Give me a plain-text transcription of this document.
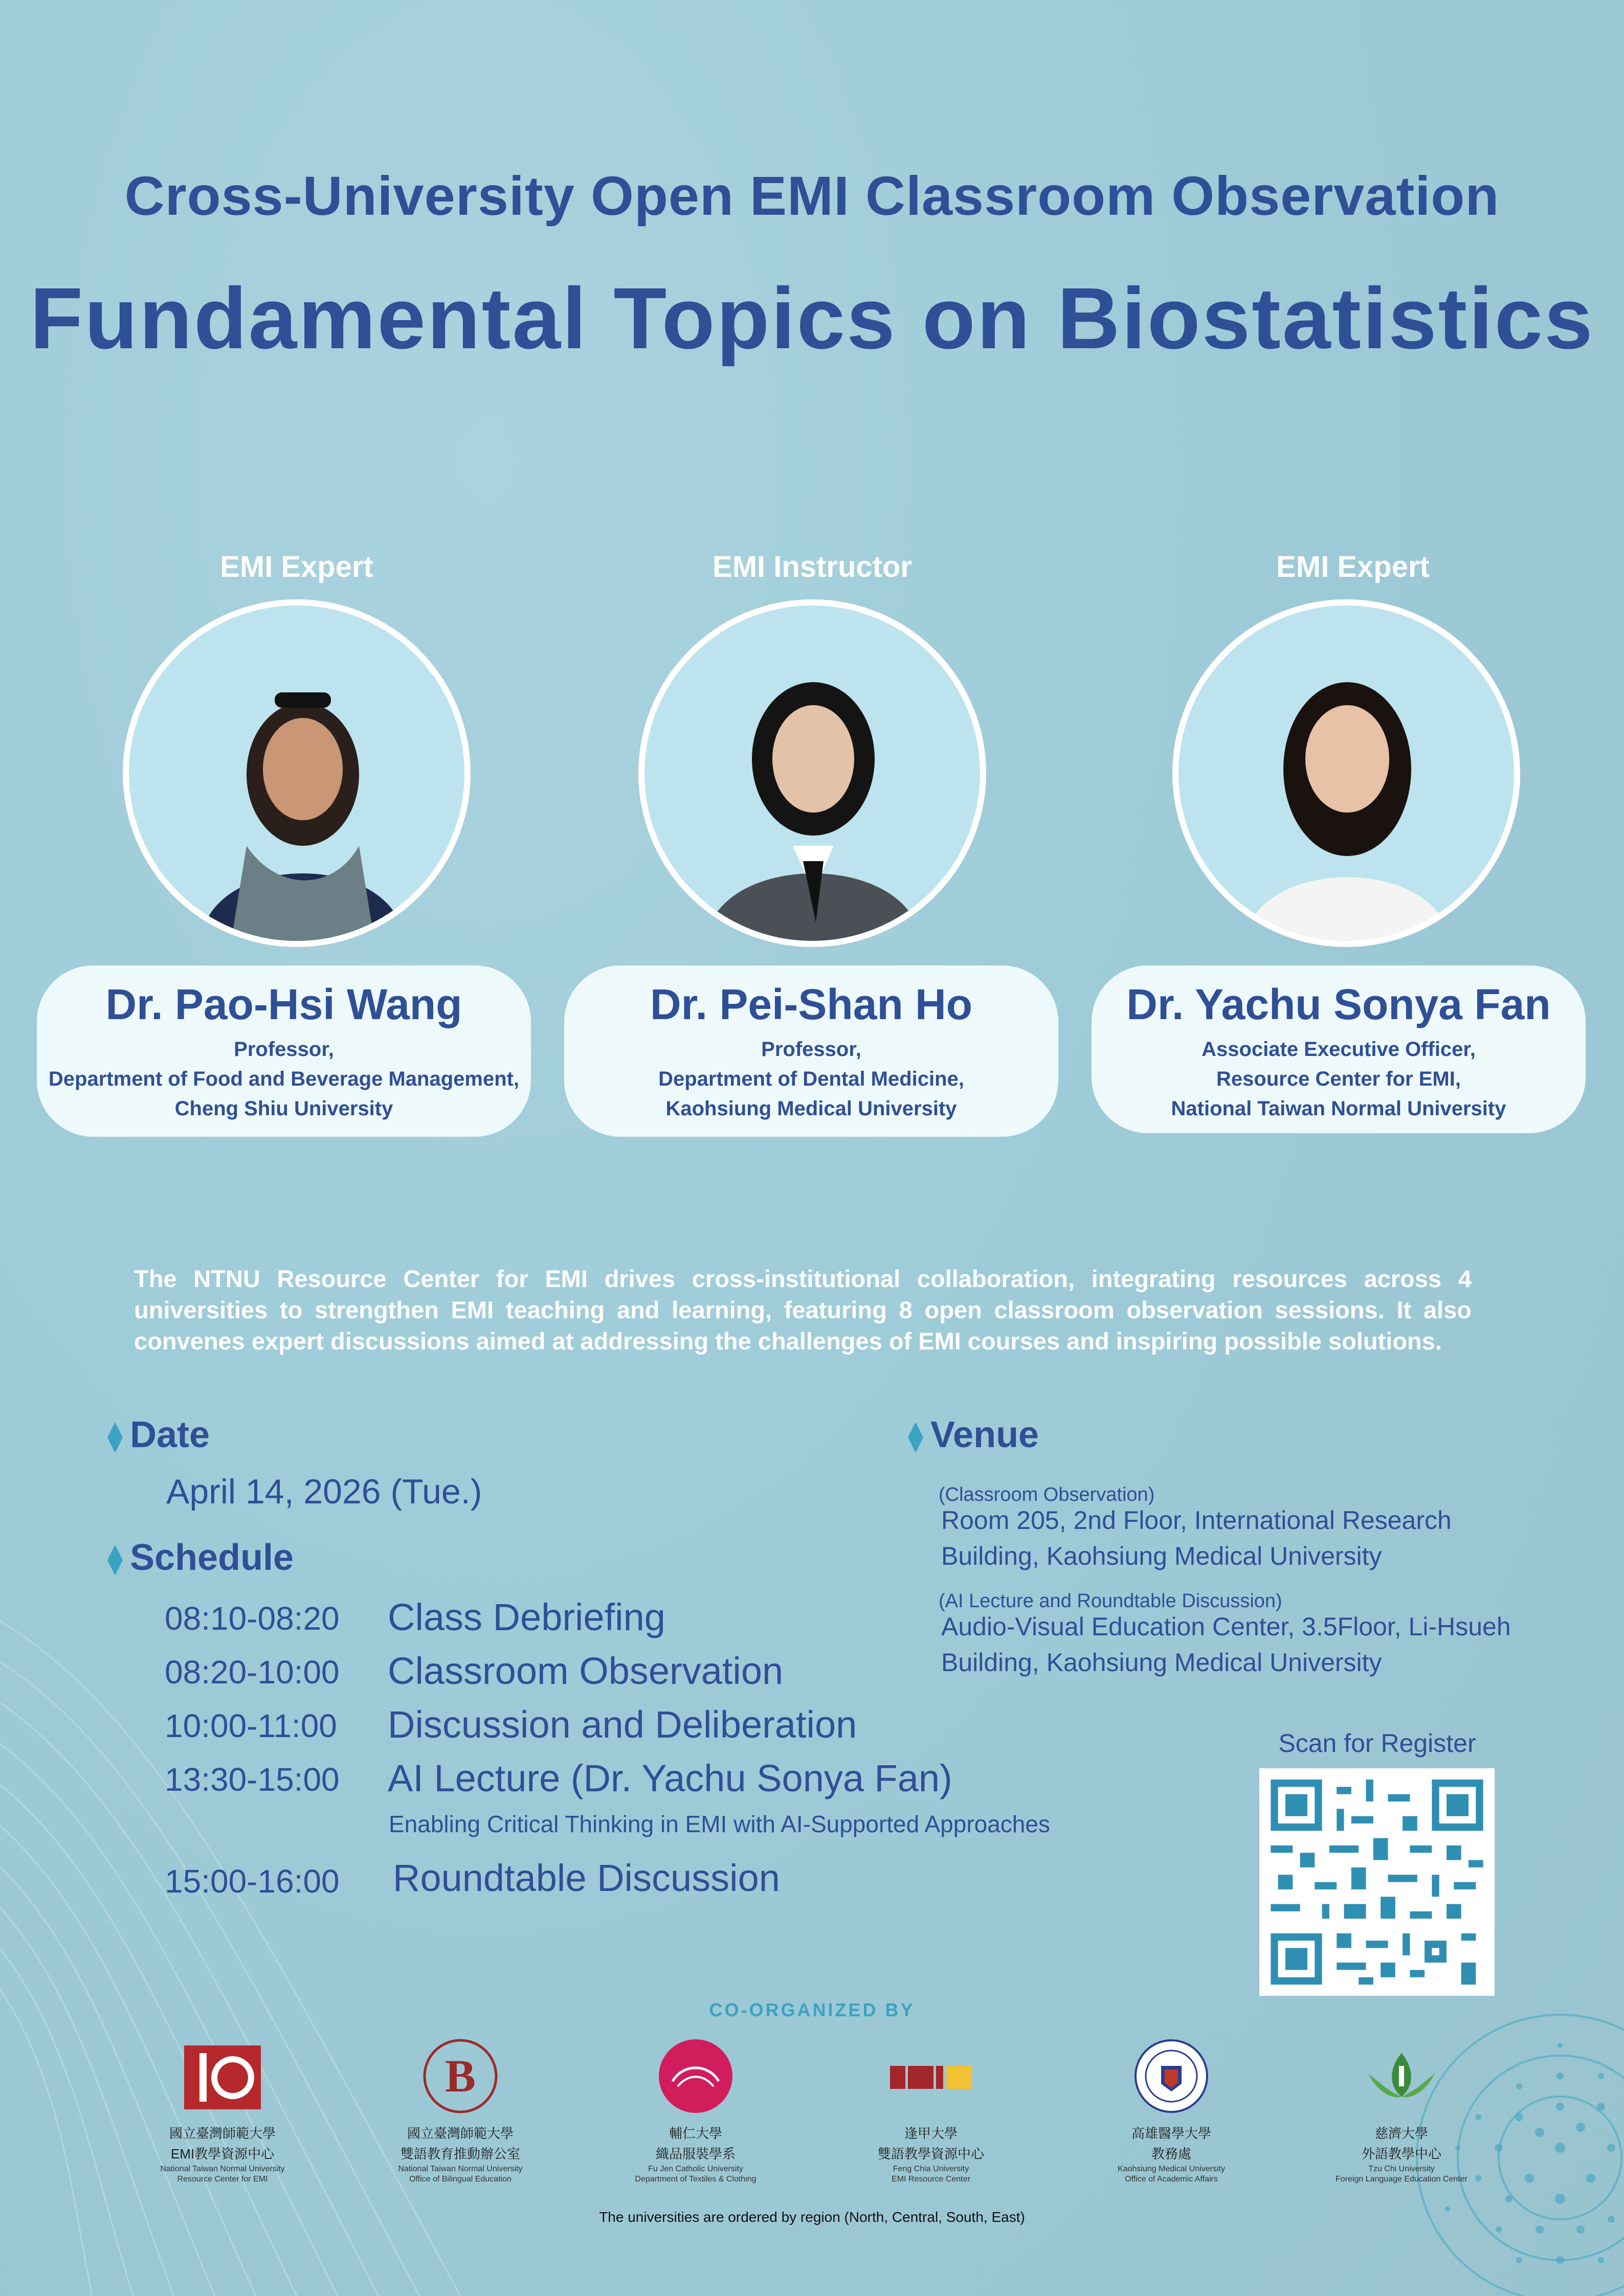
Cross-University Open EMI Classroom Observation
Fundamental Topics on Biostatistics
EMI Expert	EMI Instructor	EMI Expert
Dr. Pao-Hsi Wang
Professor,
Department of Food and Beverage Management,
Cheng Shiu University
Dr. Pei-Shan Ho
Professor,
Department of Dental Medicine,
Kaohsiung Medical University
Dr. Yachu Sonya Fan
Associate Executive Officer,
Resource Center for EMI,
National Taiwan Normal University
The NTNU Resource Center for EMI drives cross-institutional collaboration, integrating resources across 4 universities to strengthen EMI teaching and learning, featuring 8 open classroom observation sessions. It also convenes expert discussions aimed at addressing the challenges of EMI courses and inspiring possible solutions.
Date
April 14, 2026 (Tue.)
Schedule
08:10-08:20 Class Debriefing
08:20-10:00 Classroom Observation
10:00-11:00 Discussion and Deliberation
13:30-15:00 AI Lecture (Dr. Yachu Sonya Fan)
Enabling Critical Thinking in EMI with AI-Supported Approaches
15:00-16:00 Roundtable Discussion
Venue
(Classroom Observation)
Room 205, 2nd Floor, International Research
Building, Kaohsiung Medical University
(AI Lecture and Roundtable Discussion)
Audio-Visual Education Center, 3.5Floor, Li-Hsueh
Building, Kaohsiung Medical University
Scan for Register
CO-ORGANIZED BY
國立臺灣師範大學
EMI教學資源中心
National Taiwan Normal University
Resource Center for EMI
B
國立臺灣師範大學
雙語教育推動辦公室
National Taiwan Normal University
Office of Bilingual Education
輔仁大學
織品服裝學系
Fu Jen Catholic University
Department of Textiles & Clothing
逢甲大學
雙語教學資源中心
Feng Chia University
EMI Resource Center
高雄醫學大學
教務處
Kaohsiung Medical University
Office of Academic Affairs
慈濟大學
外語教學中心
Tzu Chi University
Foreign Language Education Center
The universities are ordered by region (North, Central, South, East)
